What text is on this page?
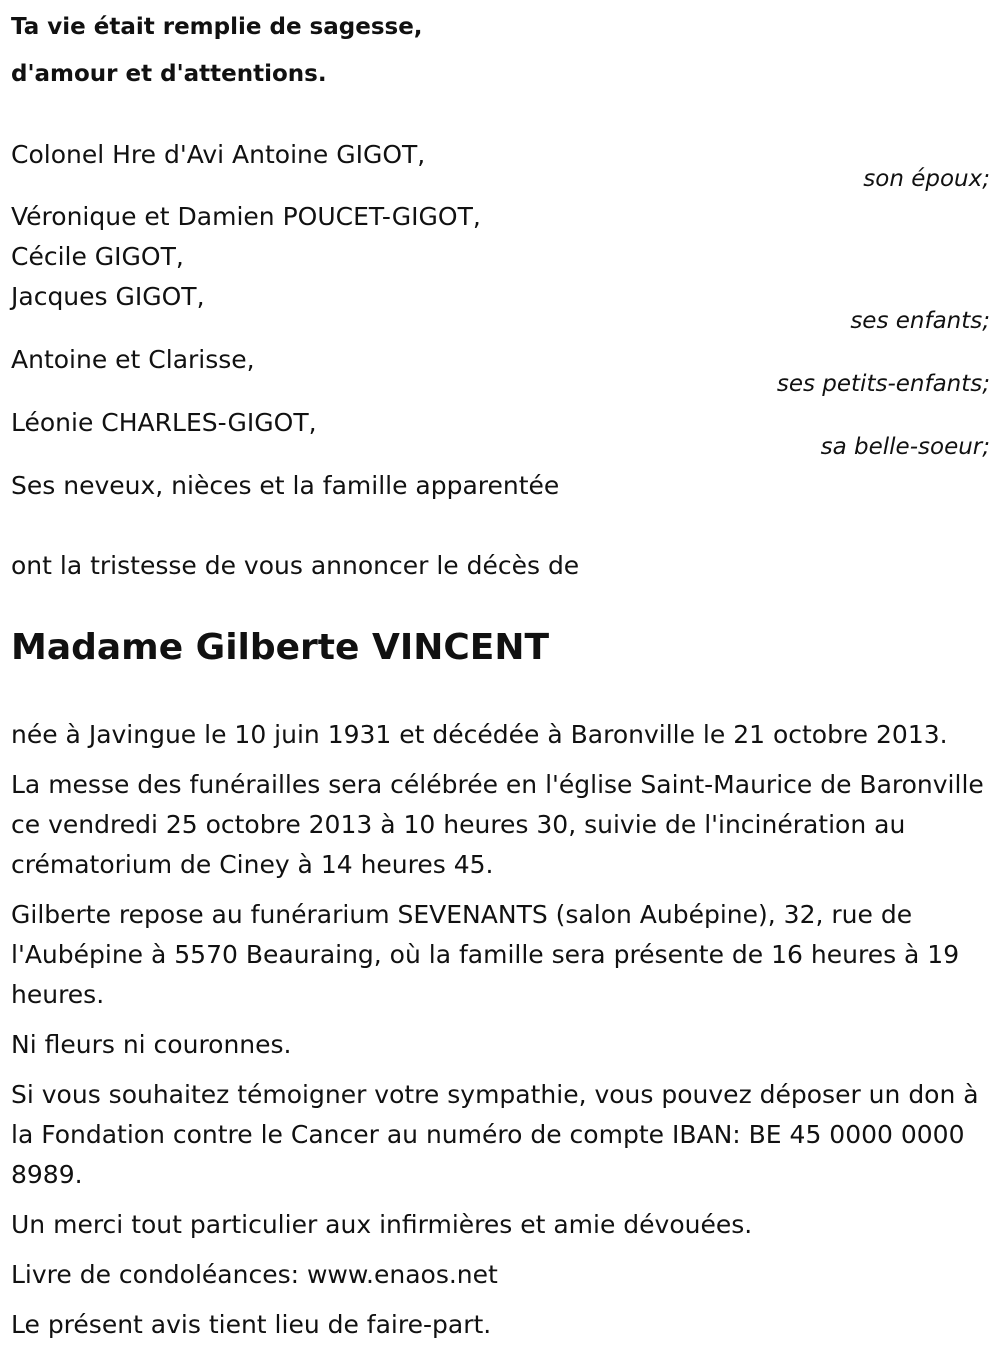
Ta vie était remplie de sagesse,

d'amour et d'attentions.

Colonel Hre d'Avi Antoine GIGOT,

son époux;

Véronique et Damien POUCET-GIGOT,

Cécile GIGOT,

Jacques GIGOT,

ses enfants;

Antoine et Clarisse,

ses petits-enfants;

Léonie CHARLES-GIGOT,

sa belle-soeur;

Ses neveux, nièces et la famille apparentée

ont la tristesse de vous annoncer le décès de

Madame Gilberte VINCENT

née à Javingue le 10 juin 1931 et décédée à Baronville le 21 octobre 2013.

La messe des funérailles sera célébrée en l'église Saint-Maurice de Baronville ce vendredi 25 octobre 2013 à 10 heures 30, suivie de l'incinération au crématorium de Ciney à 14 heures 45.

Gilberte repose au funérarium SEVENANTS (salon Aubépine), 32, rue de l'Aubépine à 5570 Beauraing, où la famille sera présente de 16 heures à 19 heures.

Ni fleurs ni couronnes.

Si vous souhaitez témoigner votre sympathie, vous pouvez déposer un don à la Fondation contre le Cancer au numéro de compte IBAN: BE 45 0000 0000 8989.

Un merci tout particulier aux infirmières et amie dévouées.

Livre de condoléances: www.enaos.net

Le présent avis tient lieu de faire-part.
